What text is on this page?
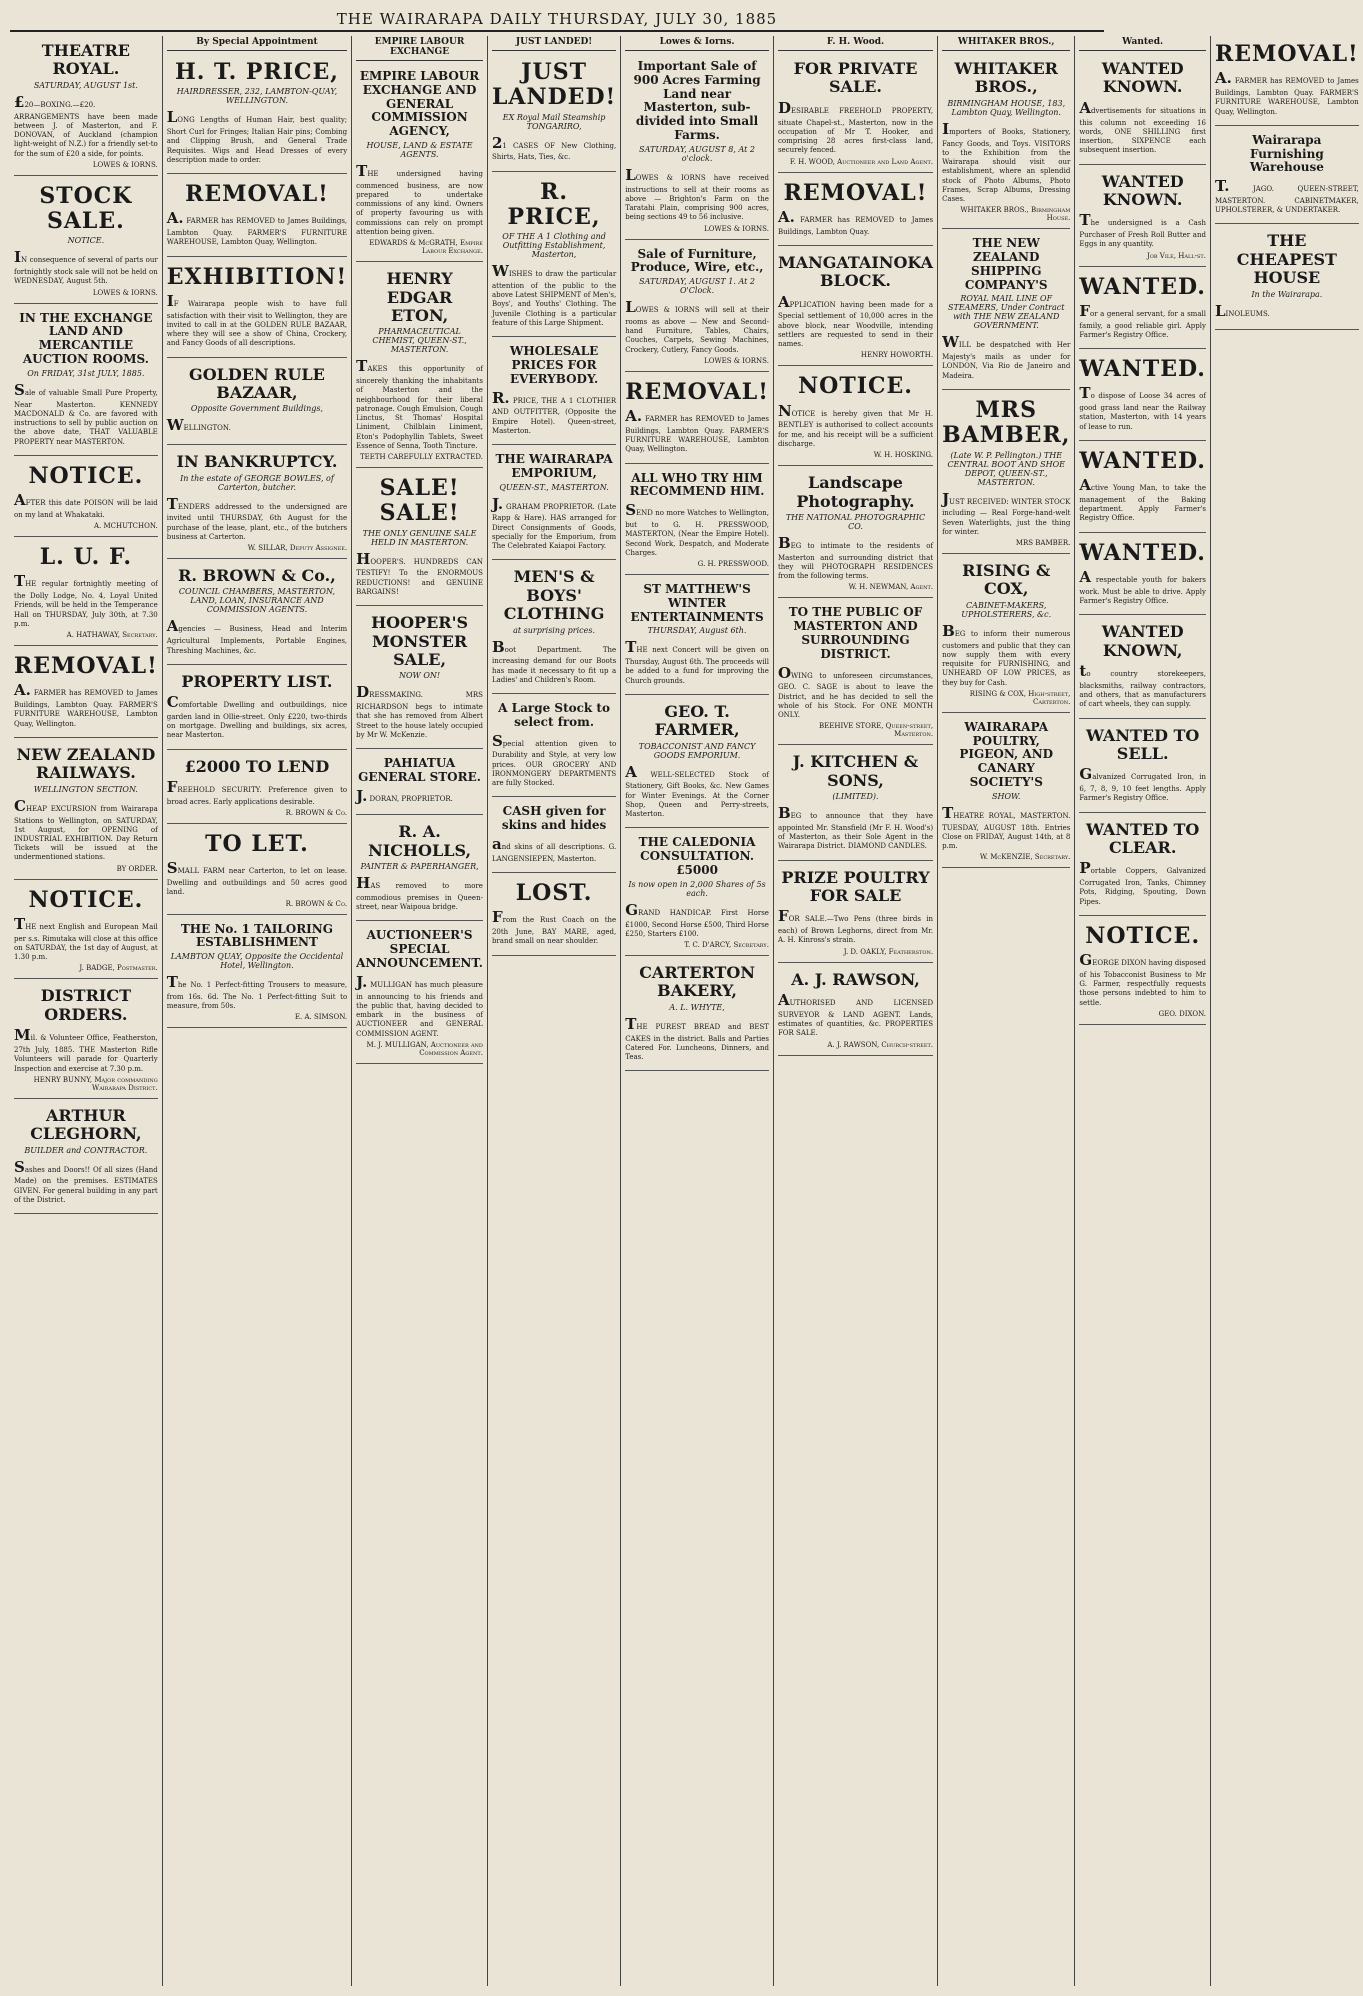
THE WAIRARAPA DAILY THURSDAY, JULY 30, 1885
THEATRE ROYAL.
SATURDAY, AUGUST 1st.
£20—BOXING.—£20. ARRANGEMENTS have been made between J. of Masterton, and F. DONOVAN, of Auckland (champion light-weight of N.Z.) for a friendly set-to for the sum of £20 a side, for points.
LOWES & IORNS.
STOCK SALE.
NOTICE.
IN consequence of several of parts our fortnightly stock sale will not be held on WEDNESDAY, August 5th.
LOWES & IORNS.
IN THE EXCHANGE LAND AND MERCANTILE AUCTION ROOMS.
On FRIDAY, 31st JULY, 1885.
Sale of valuable Small Pure Property, Near Masterton. KENNEDY MACDONALD & Co. are favored with instructions to sell by public auction on the above date, THAT VALUABLE PROPERTY near MASTERTON.
NOTICE.
AFTER this date POISON will be laid on my land at Whakataki.
A. MCHUTCHON.
L. U. F.
THE regular fortnightly meeting of the Dolly Lodge, No. 4, Loyal United Friends, will be held in the Temperance Hall on THURSDAY, July 30th, at 7.30 p.m.
A. HATHAWAY, Secretary.
REMOVAL!
A. FARMER has REMOVED to James Buildings, Lambton Quay. FARMER'S FURNITURE WAREHOUSE, Lambton Quay, Wellington.
NEW ZEALAND RAILWAYS.
WELLINGTON SECTION.
CHEAP EXCURSION from Wairarapa Stations to Wellington, on SATURDAY, 1st August, for OPENING of INDUSTRIAL EXHIBITION. Day Return Tickets will be issued at the undermentioned stations.
BY ORDER.
NOTICE.
THE next English and European Mail per s.s. Rimutaka will close at this office on SATURDAY, the 1st day of August, at 1.30 p.m.
J. BADGE, Postmaster.
DISTRICT ORDERS.
Mil. & Volunteer Office, Featherston, 27th July, 1885. THE Masterton Rifle Volunteers will parade for Quarterly Inspection and exercise at 7.30 p.m.
HENRY BUNNY, Major commanding Wairarapa District.
ARTHUR CLEGHORN,
BUILDER and CONTRACTOR.
Sashes and Doors!! Of all sizes (Hand Made) on the premises. ESTIMATES GIVEN. For general building in any part of the District.
By Special Appointment
H. T. PRICE,
HAIRDRESSER, 232, LAMBTON-QUAY, WELLINGTON.
LONG Lengths of Human Hair, best quality; Short Curl for Fringes; Italian Hair pins; Combing and Clipping Brush, and General Trade Requisites. Wigs and Head Dresses of every description made to order.
REMOVAL!
A. FARMER has REMOVED to James Buildings, Lambton Quay. FARMER'S FURNITURE WAREHOUSE, Lambton Quay, Wellington.
EXHIBITION!
IF Wairarapa people wish to have full satisfaction with their visit to Wellington, they are invited to call in at the GOLDEN RULE BAZAAR, where they will see a show of China, Crockery, and Fancy Goods of all descriptions.
GOLDEN RULE BAZAAR,
Opposite Government Buildings,
WELLINGTON.
IN BANKRUPTCY.
In the estate of GEORGE BOWLES, of Carterton, butcher.
TENDERS addressed to the undersigned are invited until THURSDAY, 6th August for the purchase of the lease, plant, etc., of the butchers business at Carterton.
W. SILLAR, Deputy Assignee.
R. BROWN & Co.,
COUNCIL CHAMBERS, MASTERTON, LAND, LOAN, INSURANCE AND COMMISSION AGENTS.
Agencies — Business, Head and Interim Agricultural Implements, Portable Engines, Threshing Machines, &c.
PROPERTY LIST.
Comfortable Dwelling and outbuildings, nice garden land in Ollie-street. Only £220, two-thirds on mortgage. Dwelling and buildings, six acres, near Masterton.
£2000 TO LEND
FREEHOLD SECURITY. Preference given to broad acres. Early applications desirable.
R. BROWN & Co.
TO LET.
SMALL FARM near Carterton, to let on lease. Dwelling and outbuildings and 50 acres good land.
R. BROWN & Co.
THE No. 1 TAILORING ESTABLISHMENT
LAMBTON QUAY, Opposite the Occidental Hotel, Wellington.
The No. 1 Perfect-fitting Trousers to measure, from 16s. 6d. The No. 1 Perfect-fitting Suit to measure, from 50s.
E. A. SIMSON.
EMPIRE LABOUR EXCHANGE
EMPIRE LABOUR EXCHANGE AND GENERAL COMMISSION AGENCY,
HOUSE, LAND & ESTATE AGENTS.
THE undersigned having commenced business, are now prepared to undertake commissions of any kind. Owners of property favouring us with commissions can rely on prompt attention being given.
EDWARDS & McGRATH, Empire Labour Exchange.
HENRY EDGAR ETON,
PHARMACEUTICAL CHEMIST, QUEEN-ST., MASTERTON.
TAKES this opportunity of sincerely thanking the inhabitants of Masterton and the neighbourhood for their liberal patronage. Cough Emulsion, Cough Linctus, St Thomas' Hospital Liniment, Chilblain Liniment, Eton's Podophyllin Tablets, Sweet Essence of Senna, Tooth Tincture.
TEETH CAREFULLY EXTRACTED.
SALE! SALE!
THE ONLY GENUINE SALE HELD IN MASTERTON.
HOOPER'S. HUNDREDS CAN TESTIFY! To the ENORMOUS REDUCTIONS! and GENUINE BARGAINS!
HOOPER'S MONSTER SALE,
NOW ON!
DRESSMAKING. MRS RICHARDSON begs to intimate that she has removed from Albert Street to the house lately occupied by Mr W. McKenzie.
PAHIATUA GENERAL STORE.
J. DORAN, PROPRIETOR.
R. A. NICHOLLS,
PAINTER & PAPERHANGER,
HAS removed to more commodious premises in Queen-street, near Waipoua bridge.
AUCTIONEER'S SPECIAL ANNOUNCEMENT.
J. MULLIGAN has much pleasure in announcing to his friends and the public that, having decided to embark in the business of AUCTIONEER and GENERAL COMMISSION AGENT.
M. J. MULLIGAN, Auctioneer and Commission Agent.
JUST LANDED!
JUST LANDED!
EX Royal Mail Steamship TONGARIRO,
21 CASES OF New Clothing, Shirts, Hats, Ties, &c.
R. PRICE,
OF THE A 1 Clothing and Outfitting Establishment, Masterton,
WISHES to draw the particular attention of the public to the above Latest SHIPMENT of Men's, Boys', and Youths' Clothing. The Juvenile Clothing is a particular feature of this Large Shipment.
WHOLESALE PRICES FOR EVERYBODY.
R. PRICE, THE A 1 CLOTHIER AND OUTFITTER, (Opposite the Empire Hotel). Queen-street, Masterton.
THE WAIRARAPA EMPORIUM,
QUEEN-ST., MASTERTON.
J. GRAHAM PROPRIETOR. (Late Rapp & Hare). HAS arranged for Direct Consignments of Goods, specially for the Emporium, from The Celebrated Kaiapoi Factory.
MEN'S & BOYS' CLOTHING
at surprising prices.
Boot Department. The increasing demand for our Boots has made it necessary to fit up a Ladies' and Children's Room.
A Large Stock to select from.
Special attention given to Durability and Style, at very low prices. OUR GROCERY AND IRONMONGERY DEPARTMENTS are fully Stocked.
CASH given for skins and hides
and skins of all descriptions. G. LANGENSIEPEN, Masterton.
LOST.
From the Rust Coach on the 20th June, BAY MARE, aged, brand small on near shoulder.
Lowes & Iorns.
Important Sale of 900 Acres Farming Land near Masterton, sub-divided into Small Farms.
SATURDAY, AUGUST 8, At 2 o'clock.
LOWES & IORNS have received instructions to sell at their rooms as above — Brighton's Farm on the Taratahi Plain, comprising 900 acres, being sections 49 to 56 inclusive.
LOWES & IORNS.
Sale of Furniture, Produce, Wire, etc.,
SATURDAY, AUGUST 1. At 2 O'Clock.
LOWES & IORNS will sell at their rooms as above — New and Second-hand Furniture, Tables, Chairs, Couches, Carpets, Sewing Machines, Crockery, Cutlery, Fancy Goods.
LOWES & IORNS.
REMOVAL!
A. FARMER has REMOVED to James Buildings, Lambton Quay. FARMER'S FURNITURE WAREHOUSE, Lambton Quay, Wellington.
ALL WHO TRY HIM RECOMMEND HIM.
SEND no more Watches to Wellington, but to G. H. PRESSWOOD, MASTERTON, (Near the Empire Hotel). Second Work, Despatch, and Moderate Charges.
G. H. PRESSWOOD.
ST MATTHEW'S WINTER ENTERTAINMENTS
THURSDAY, August 6th.
THE next Concert will be given on Thursday, August 6th. The proceeds will be added to a fund for improving the Church grounds.
GEO. T. FARMER,
TOBACCONIST AND FANCY GOODS EMPORIUM.
A WELL-SELECTED Stock of Stationery, Gift Books, &c. New Games for Winter Evenings. At the Corner Shop, Queen and Perry-streets, Masterton.
THE CALEDONIA CONSULTATION. £5000
Is now open in 2,000 Shares of 5s each.
GRAND HANDICAP. First Horse £1000, Second Horse £500, Third Horse £250, Starters £100.
T. C. D'ARCY, Secretary.
CARTERTON BAKERY,
A. L. WHYTE,
THE PUREST BREAD and BEST CAKES in the district. Balls and Parties Catered For. Luncheons, Dinners, and Teas.
F. H. Wood.
FOR PRIVATE SALE.
DESIRABLE FREEHOLD PROPERTY, situate Chapel-st., Masterton, now in the occupation of Mr T. Hooker, and comprising 28 acres first-class land, securely fenced.
F. H. WOOD, Auctioneer and Land Agent.
REMOVAL!
A. FARMER has REMOVED to James Buildings, Lambton Quay.
MANGATAINOKA BLOCK.
APPLICATION having been made for a Special settlement of 10,000 acres in the above block, near Woodville, intending settlers are requested to send in their names.
HENRY HOWORTH.
NOTICE.
NOTICE is hereby given that Mr H. BENTLEY is authorised to collect accounts for me, and his receipt will be a sufficient discharge.
W. H. HOSKING.
Landscape Photography.
THE NATIONAL PHOTOGRAPHIC CO.
BEG to intimate to the residents of Masterton and surrounding district that they will PHOTOGRAPH RESIDENCES from the following terms.
W. H. NEWMAN, Agent.
TO THE PUBLIC OF MASTERTON AND SURROUNDING DISTRICT.
OWING to unforeseen circumstances, GEO. C. SAGE is about to leave the District, and he has decided to sell the whole of his Stock. For ONE MONTH ONLY.
BEEHIVE STORE, Queen-street, Masterton.
J. KITCHEN & SONS,
(LIMITED).
BEG to announce that they have appointed Mr. Stansfield (Mr F. H. Wood's) of Masterton, as their Sole Agent in the Wairarapa District. DIAMOND CANDLES.
PRIZE POULTRY FOR SALE
FOR SALE.—Two Pens (three birds in each) of Brown Leghorns, direct from Mr. A. H. Kinross's strain.
J. D. OAKLY, Featherston.
A. J. RAWSON,
AUTHORISED AND LICENSED SURVEYOR & LAND AGENT. Lands, estimates of quantities, &c. PROPERTIES FOR SALE.
A. J. RAWSON, Church-street.
WHITAKER BROS.,
WHITAKER BROS.,
BIRMINGHAM HOUSE, 183, Lambton Quay, Wellington.
Importers of Books, Stationery, Fancy Goods, and Toys. VISITORS to the Exhibition from the Wairarapa should visit our establishment, where an splendid stock of Photo Albums, Photo Frames, Scrap Albums, Dressing Cases.
WHITAKER BROS., Birmingham House.
THE NEW ZEALAND SHIPPING COMPANY'S
ROYAL MAIL LINE OF STEAMERS, Under Contract with THE NEW ZEALAND GOVERNMENT.
WILL be despatched with Her Majesty's mails as under for LONDON, Via Rio de Janeiro and Madeira.
MRS BAMBER,
(Late W. P. Pellington.) THE CENTRAL BOOT AND SHOE DEPOT, QUEEN-ST., MASTERTON.
JUST RECEIVED: WINTER STOCK including — Real Forge-hand-welt Seven Waterlights, just the thing for winter.
MRS BAMBER.
RISING & COX,
CABINET-MAKERS, UPHOLSTERERS, &c.
BEG to inform their numerous customers and public that they can now supply them with every requisite for FURNISHING, and UNHEARD OF LOW PRICES, as they buy for Cash.
RISING & COX, High-street, Carterton.
WAIRARAPA POULTRY, PIGEON, AND CANARY SOCIETY'S
SHOW.
THEATRE ROYAL, MASTERTON. TUESDAY, AUGUST 18th. Entries Close on FRIDAY, August 14th, at 8 p.m.
W. McKENZIE, Secretary.
Wanted.
WANTED KNOWN.
Advertisements for situations in this column not exceeding 16 words, ONE SHILLING first insertion, SIXPENCE each subsequent insertion.
WANTED KNOWN.
The undersigned is a Cash Purchaser of Fresh Roll Butter and Eggs in any quantity.
Job Vile, Hall-st.
WANTED.
For a general servant, for a small family, a good reliable girl. Apply Farmer's Registry Office.
WANTED.
To dispose of Loose 34 acres of good grass land near the Railway station, Masterton, with 14 years of lease to run.
WANTED.
Active Young Man, to take the management of the Baking department. Apply Farmer's Registry Office.
WANTED.
A respectable youth for bakers work. Must be able to drive. Apply Farmer's Registry Office.
WANTED KNOWN,
to country storekeepers, blacksmiths, railway contractors, and others, that as manufacturers of cart wheels, they can supply.
WANTED TO SELL.
Galvanized Corrugated Iron, in 6, 7, 8, 9, 10 feet lengths. Apply Farmer's Registry Office.
WANTED TO CLEAR.
Portable Coppers, Galvanized Corrugated Iron, Tanks, Chimney Pots, Ridging, Spouting, Down Pipes.
NOTICE.
GEORGE DIXON having disposed of his Tobacconist Business to Mr G. Farmer, respectfully requests those persons indebted to him to settle.
GEO. DIXON.
REMOVAL!
A. FARMER has REMOVED to James Buildings, Lambton Quay. FARMER'S FURNITURE WAREHOUSE, Lambton Quay, Wellington.
Wairarapa Furnishing Warehouse
T. JAGO. QUEEN-STREET, MASTERTON. CABINETMAKER, UPHOLSTERER, & UNDERTAKER.
THE CHEAPEST HOUSE
In the Wairarapa.
LINOLEUMS.
